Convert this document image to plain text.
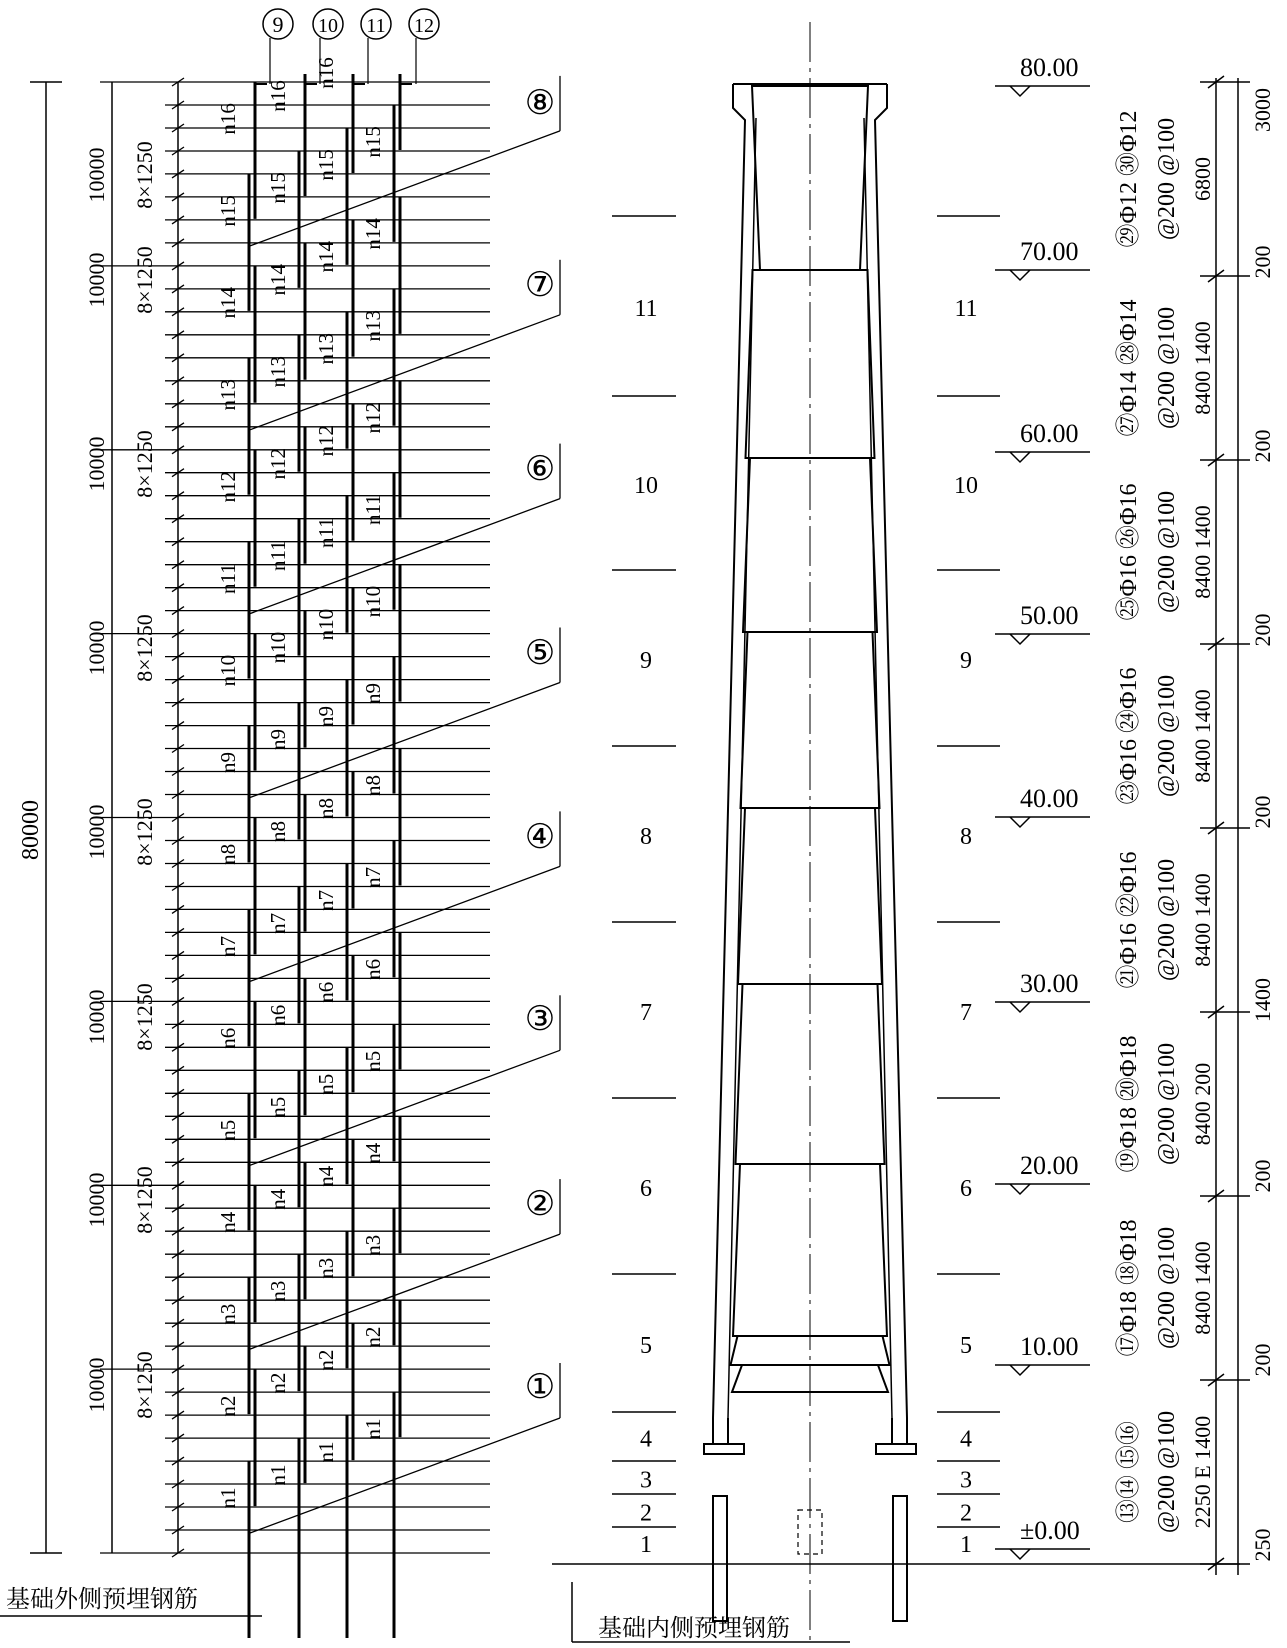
9 10 11 12
80000
10000 8×1250
10000 8×1250
10000 8×1250
10000 8×1250
10000 8×1250
10000 8×1250
10000 8×1250
10000 8×1250
①
②
③
④
⑤
⑥
⑦
⑧
n1
n1
n1
n1
n2
n2
n2
n2
n3
n3
n3
n3
n4
n4
n4
n4
n5
n5
n5
n5
n6
n6
n6
n6
n7
n7
n7
n7
n8
n8
n8
n8
n9
n9
n9
n9
n10
n10
n10
n10
n11
n11
n11
n11
n12
n12
n12
n12
n13
n13
n13
n13
n14
n14
n14
n14
n15
n15
n15
n15
n16
n16
n16
基础外侧预埋钢筋
基础内侧预埋钢筋
1	1
2	2
3	3
4	4
5	5
6	6
7	7
8	8
9	9
10	10
11	11
±0.00
10.00
20.00
30.00
40.00
50.00
60.00
70.00
80.00
⑬⑭ ⑮⑯ @200 @100 2250 E 1400
⑰Φ18 ⑱Φ18 @200 @100 8400 1400
⑲Φ18 ⑳Φ18 @200 @100 8400 200
㉑Φ16 ㉒Φ16 @200 @100 8400 1400
㉓Φ16 ㉔Φ16 @200 @100 8400 1400
㉕Φ16 ㉖Φ16 @200 @100 8400 1400
㉗Φ14 ㉘Φ14 @200 @100 8400 1400
㉙Φ12 ㉚Φ12 @200 @100 6800
250
200
200
1400
200
200
200
200
3000
